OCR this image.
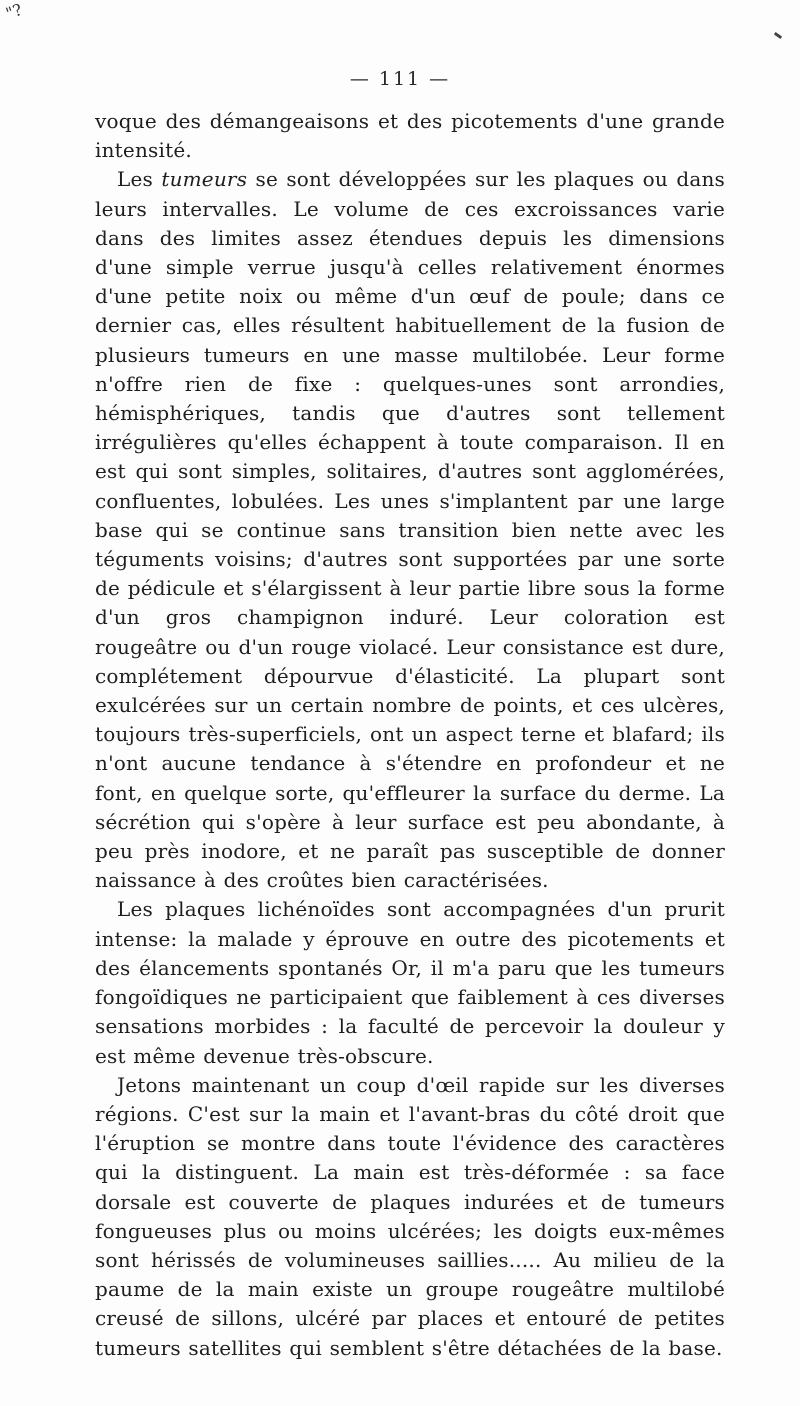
"?
— 111 —

voque des démangeaisons et des picotements d'une grande intensité.

Les tumeurs se sont développées sur les plaques ou dans leurs intervalles. Le volume de ces excroissances varie dans des limites assez étendues depuis les dimensions d'une simple verrue jusqu'à celles relativement énormes d'une petite noix ou même d'un œuf de poule; dans ce dernier cas, elles résultent habituellement de la fusion de plusieurs tumeurs en une masse multilobée. Leur forme n'offre rien de fixe : quelques-unes sont arrondies, hémisphériques, tandis que d'autres sont tellement irrégulières qu'elles échappent à toute comparaison. Il en est qui sont simples, solitaires, d'autres sont agglomérées, confluentes, lobulées. Les unes s'implantent par une large base qui se continue sans transition bien nette avec les téguments voisins; d'autres sont supportées par une sorte de pédicule et s'élargissent à leur partie libre sous la forme d'un gros champignon induré. Leur coloration est rougeâtre ou d'un rouge violacé. Leur consistance est dure, complétement dépourvue d'élasticité. La plupart sont exulcérées sur un certain nombre de points, et ces ulcères, toujours très-superficiels, ont un aspect terne et blafard; ils n'ont aucune tendance à s'étendre en profondeur et ne font, en quelque sorte, qu'effleurer la surface du derme. La sécrétion qui s'opère à leur surface est peu abondante, à peu près inodore, et ne paraît pas susceptible de donner naissance à des croûtes bien caractérisées.

Les plaques lichénoïdes sont accompagnées d'un prurit intense: la malade y éprouve en outre des picotements et des élancements spontanés Or, il m'a paru que les tumeurs fongoïdiques ne participaient que faiblement à ces diverses sensations morbides : la faculté de percevoir la douleur y est même devenue très-obscure.

Jetons maintenant un coup d'œil rapide sur les diverses régions. C'est sur la main et l'avant-bras du côté droit que l'éruption se montre dans toute l'évidence des caractères qui la distinguent. La main est très-déformée : sa face dorsale est couverte de plaques indurées et de tumeurs fongueuses plus ou moins ulcérées; les doigts eux-mêmes sont hérissés de volumineuses saillies..... Au milieu de la paume de la main existe un groupe rougeâtre multilobé creusé de sillons, ulcéré par places et entouré de petites tumeurs satellites qui semblent s'être détachées de la base.
